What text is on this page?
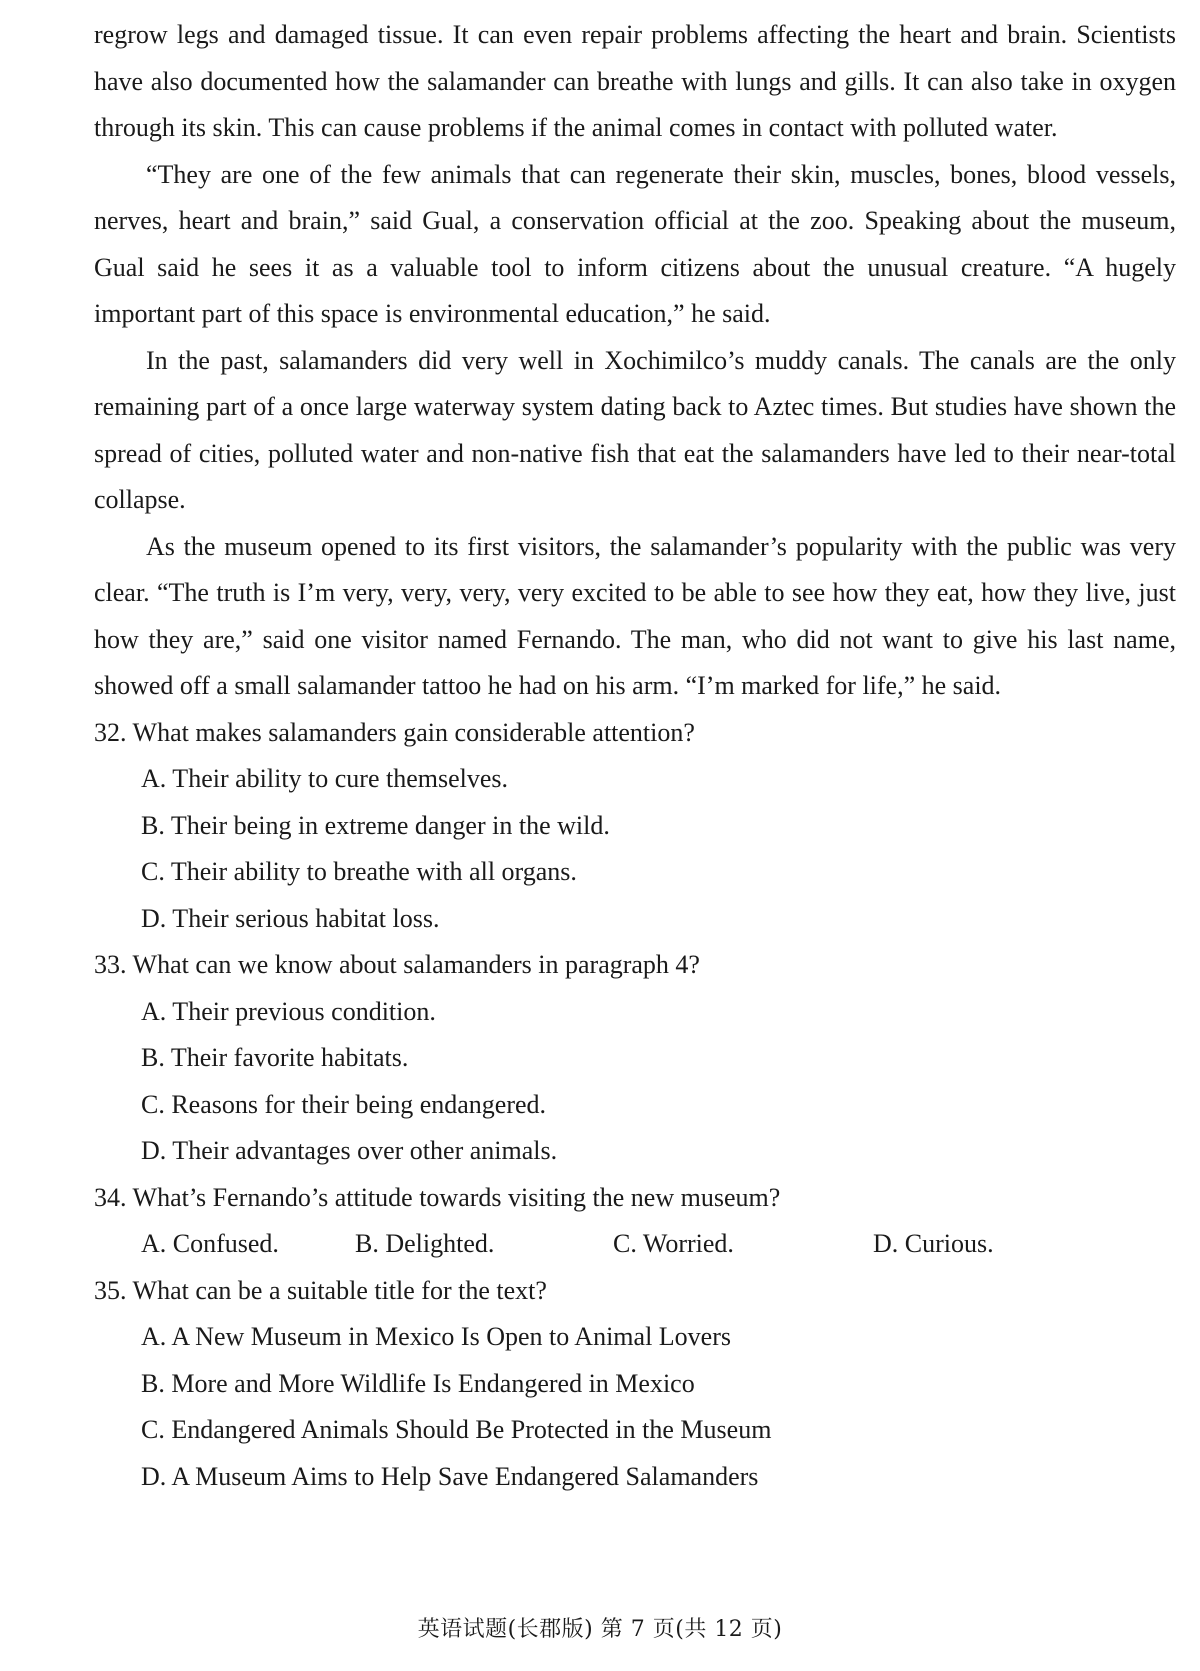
regrow legs and damaged tissue. It can even repair problems affecting the heart and brain. Scientists have also documented how the salamander can breathe with lungs and gills. It can also take in oxygen through its skin. This can cause problems if the animal comes in contact with polluted water.

“They are one of the few animals that can regenerate their skin, muscles, bones, blood vessels, nerves, heart and brain,” said Gual, a conservation official at the zoo. Speaking about the museum, Gual said he sees it as a valuable tool to inform citizens about the unusual creature. “A hugely important part of this space is environmental education,” he said.

In the past, salamanders did very well in Xochimilco’s muddy canals. The canals are the only remaining part of a once large waterway system dating back to Aztec times. But studies have shown the spread of cities, polluted water and non-native fish that eat the salamanders have led to their near-total collapse.

As the museum opened to its first visitors, the salamander’s popularity with the public was very clear. “The truth is I’m very, very, very, very excited to be able to see how they eat, how they live, just how they are,” said one visitor named Fernando. The man, who did not want to give his last name, showed off a small salamander tattoo he had on his arm. “I’m marked for life,” he said.

32. What makes salamanders gain considerable attention?

A. Their ability to cure themselves.

B. Their being in extreme danger in the wild.

C. Their ability to breathe with all organs.

D. Their serious habitat loss.

33. What can we know about salamanders in paragraph 4?

A. Their previous condition.

B. Their favorite habitats.

C. Reasons for their being endangered.

D. Their advantages over other animals.

34. What’s Fernando’s attitude towards visiting the new museum?

A. Confused.	B. Delighted.	C. Worried.	D. Curious.

35. What can be a suitable title for the text?

A. A New Museum in Mexico Is Open to Animal Lovers

B. More and More Wildlife Is Endangered in Mexico

C. Endangered Animals Should Be Protected in the Museum

D. A Museum Aims to Help Save Endangered Salamanders

英语试题(长郡版) 第 7 页(共 12 页)
